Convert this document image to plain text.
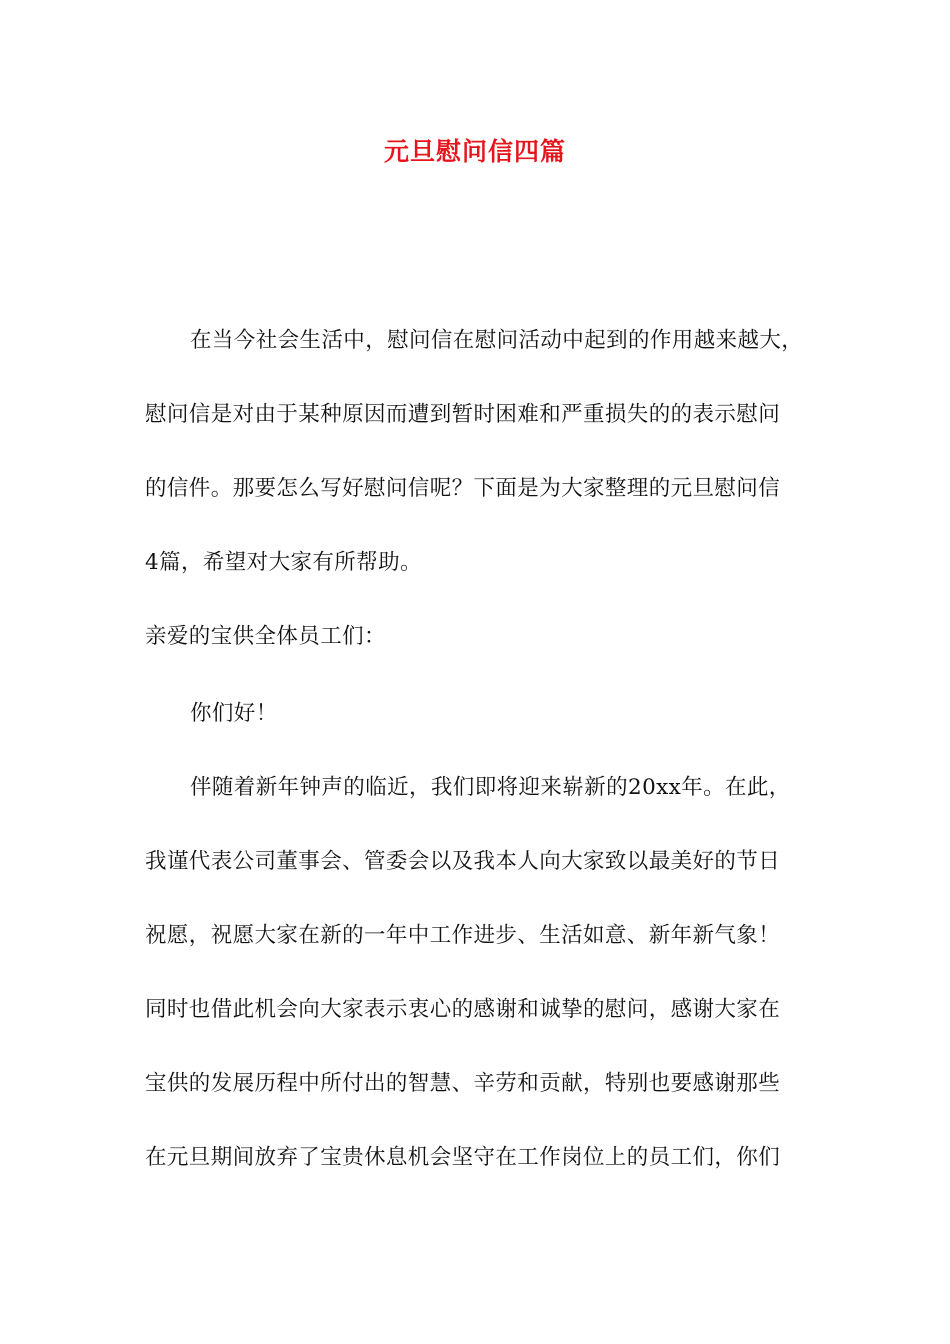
元旦慰问信四篇
在当今社会生活中，慰问信在慰问活动中起到的作用越来越大，
慰问信是对由于某种原因而遭到暂时困难和严重损失的的表示慰问
的信件。那要怎么写好慰问信呢？下面是为大家整理的元旦慰问信
4篇，希望对大家有所帮助。
亲爱的宝供全体员工们：
你们好！
伴随着新年钟声的临近，我们即将迎来崭新的20xx年。在此，
我谨代表公司董事会、管委会以及我本人向大家致以最美好的节日
祝愿，祝愿大家在新的一年中工作进步、生活如意、新年新气象！
同时也借此机会向大家表示衷心的感谢和诚挚的慰问，感谢大家在
宝供的发展历程中所付出的智慧、辛劳和贡献，特别也要感谢那些
在元旦期间放弃了宝贵休息机会坚守在工作岗位上的员工们，你们
